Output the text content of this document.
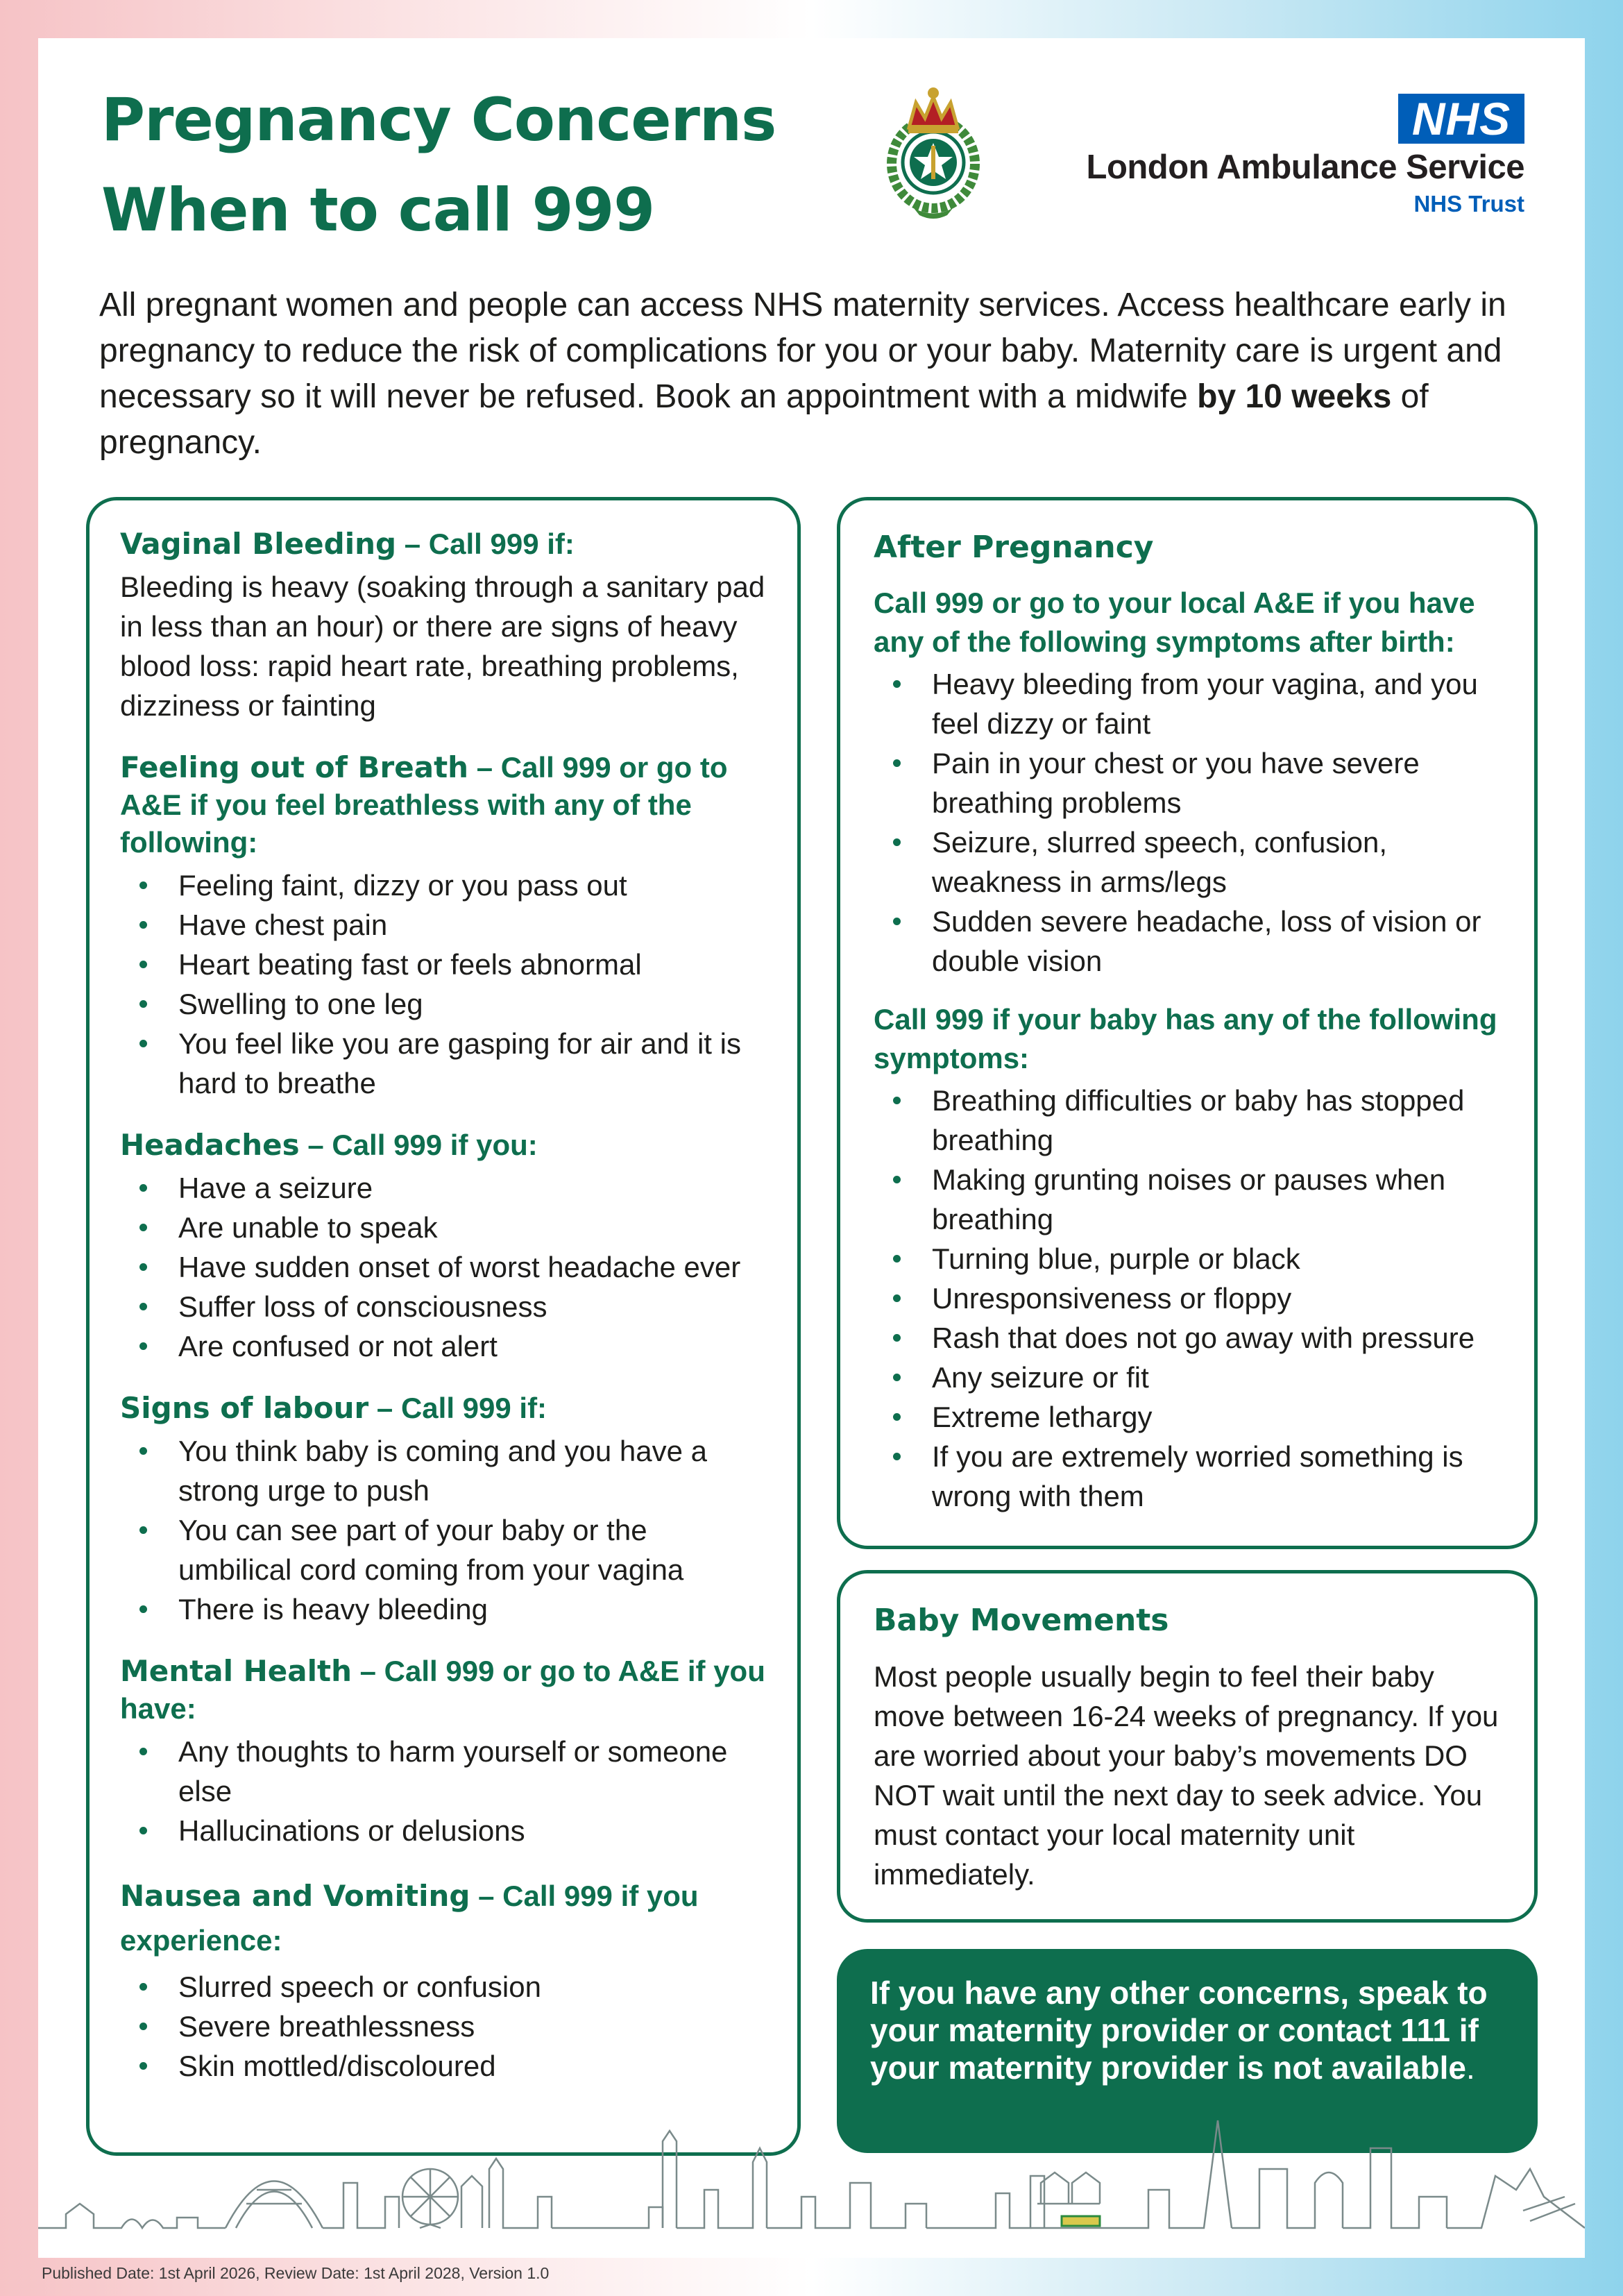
Pregnancy Concerns
When to call 999
NHS
London Ambulance Service
NHS Trust

All pregnant women and people can access NHS maternity services. Access healthcare early in pregnancy to reduce the risk of complications for you or your baby. Maternity care is urgent and necessary so it will never be refused. Book an appointment with a midwife by 10 weeks of pregnancy.

Vaginal Bleeding – Call 999 if:

Bleeding is heavy (soaking through a sanitary pad in less than an hour) or there are signs of heavy blood loss: rapid heart rate, breathing problems, dizziness or fainting

Feeling out of Breath – Call 999 or go to A&E if you feel breathless with any of the following:

Feeling faint, dizzy or you pass out
Have chest pain
Heart beating fast or feels abnormal
Swelling to one leg
You feel like you are gasping for air and it is hard to breathe

Headaches – Call 999 if you:

Have a seizure
Are unable to speak
Have sudden onset of worst headache ever
Suffer loss of consciousness
Are confused or not alert

Signs of labour – Call 999 if:

You think baby is coming and you have a strong urge to push
You can see part of your baby or the umbilical cord coming from your vagina
There is heavy bleeding

Mental Health – Call 999 or go to A&E if you have:

Any thoughts to harm yourself or someone else
Hallucinations or delusions

Nausea and Vomiting – Call 999 if you experience:

Slurred speech or confusion
Severe breathlessness
Skin mottled/discoloured

After Pregnancy

Call 999 or go to your local A&E if you have any of the following symptoms after birth:

Heavy bleeding from your vagina, and you feel dizzy or faint
Pain in your chest or you have severe breathing problems
Seizure, slurred speech, confusion, weakness in arms/legs
Sudden severe headache, loss of vision or double vision

Call 999 if your baby has any of the following symptoms:

Breathing difficulties or baby has stopped breathing
Making grunting noises or pauses when breathing
Turning blue, purple or black
Unresponsiveness or floppy
Rash that does not go away with pressure
Any seizure or fit
Extreme lethargy
If you are extremely worried something is wrong with them

Baby Movements

Most people usually begin to feel their baby move between 16-24 weeks of pregnancy. If you are worried about your baby’s movements DO NOT wait until the next day to seek advice. You must contact your local maternity unit immediately.

If you have any other concerns, speak to your maternity provider or contact 111 if your maternity provider is not available.
Published Date: 1st April 2026, Review Date: 1st April 2028, Version 1.0
